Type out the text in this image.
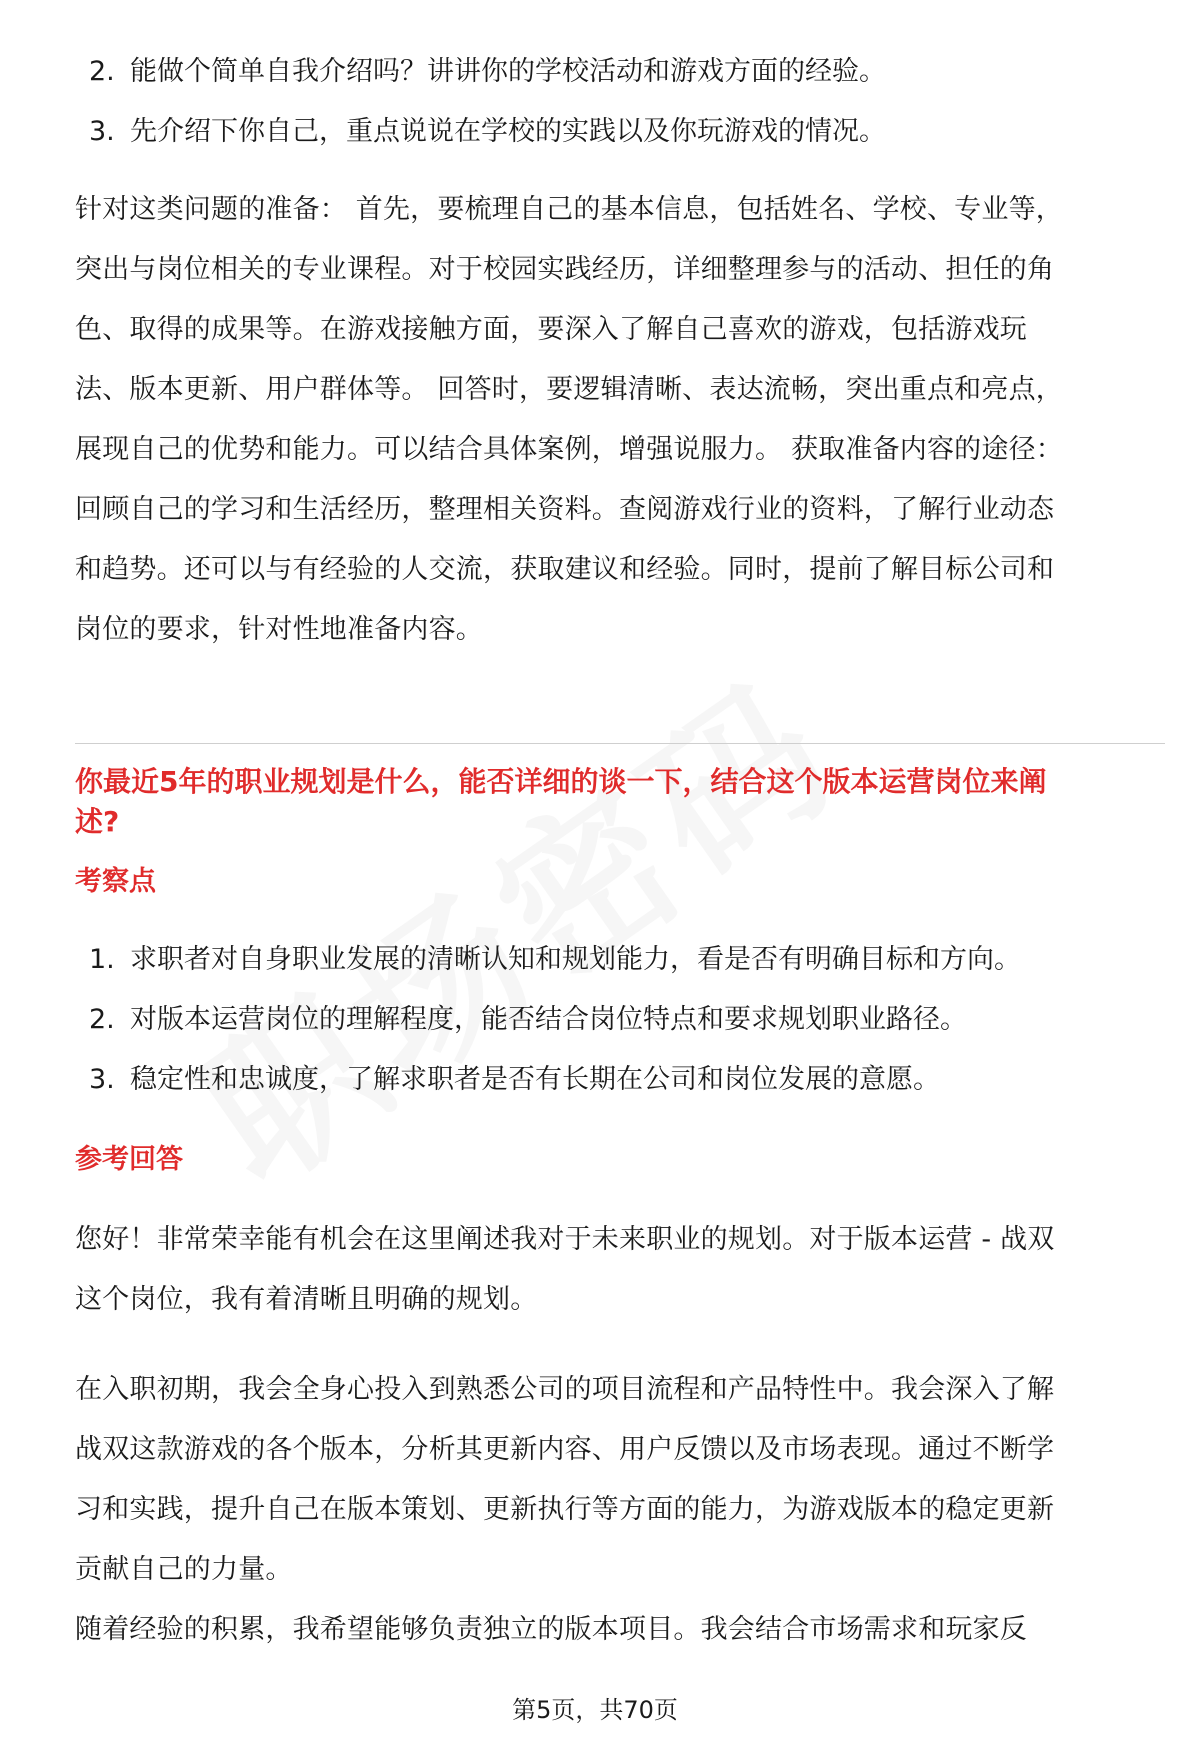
2. 能做个简单自我介绍吗？讲讲你的学校活动和游戏方面的经验。
3. 先介绍下你自己，重点说说在学校的实践以及你玩游戏的情况。

针对这类问题的准备： 首先，要梳理自己的基本信息，包括姓名、学校、专业等，

突出与岗位相关的专业课程。对于校园实践经历，详细整理参与的活动、担任的角

色、取得的成果等。在游戏接触方面，要深入了解自己喜欢的游戏，包括游戏玩

法、版本更新、用户群体等。 回答时，要逻辑清晰、表达流畅，突出重点和亮点，

展现自己的优势和能力。可以结合具体案例，增强说服力。 获取准备内容的途径：

回顾自己的学习和生活经历，整理相关资料。查阅游戏行业的资料，了解行业动态

和趋势。还可以与有经验的人交流，获取建议和经验。同时，提前了解目标公司和

岗位的要求，针对性地准备内容。

你最近5年的职业规划是什么，能否详细的谈一下，结合这个版本运营岗位来阐

述?

考察点

1. 求职者对自身职业发展的清晰认知和规划能力，看是否有明确目标和方向。
2. 对版本运营岗位的理解程度，能否结合岗位特点和要求规划职业路径。
3. 稳定性和忠诚度，了解求职者是否有长期在公司和岗位发展的意愿。

参考回答

您好！非常荣幸能有机会在这里阐述我对于未来职业的规划。对于版本运营 - 战双

这个岗位，我有着清晰且明确的规划。

在入职初期，我会全身心投入到熟悉公司的项目流程和产品特性中。我会深入了解

战双这款游戏的各个版本，分析其更新内容、用户反馈以及市场表现。通过不断学

习和实践，提升自己在版本策划、更新执行等方面的能力，为游戏版本的稳定更新

贡献自己的力量。

随着经验的积累，我希望能够负责独立的版本项目。我会结合市场需求和玩家反

第5页，共70页
